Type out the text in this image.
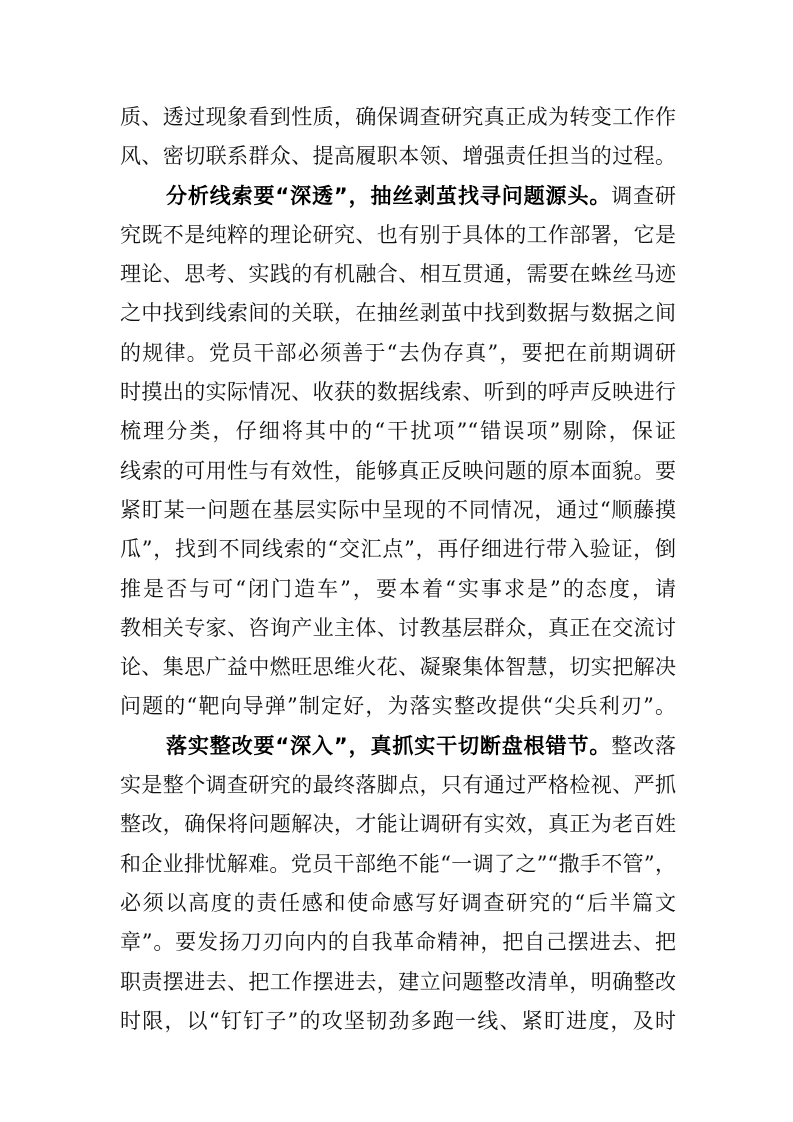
质、透过现象看到性质，确保调查研究真正成为转变工作作
风、密切联系群众、提高履职本领、增强责任担当的过程。
分析线索要“深透”，抽丝剥茧找寻问题源头。调查研
究既不是纯粹的理论研究、也有别于具体的工作部署，它是
理论、思考、实践的有机融合、相互贯通，需要在蛛丝马迹
之中找到线索间的关联，在抽丝剥茧中找到数据与数据之间
的规律。党员干部必须善于“去伪存真”，要把在前期调研
时摸出的实际情况、收获的数据线索、听到的呼声反映进行
梳理分类，仔细将其中的“干扰项”“错误项”剔除，保证
线索的可用性与有效性，能够真正反映问题的原本面貌。要
紧盯某一问题在基层实际中呈现的不同情况，通过“顺藤摸
瓜”，找到不同线索的“交汇点”，再仔细进行带入验证，倒
推是否与可“闭门造车”，要本着“实事求是”的态度，请
教相关专家、咨询产业主体、讨教基层群众，真正在交流讨
论、集思广益中燃旺思维火花、凝聚集体智慧，切实把解决
问题的“靶向导弹”制定好，为落实整改提供“尖兵利刃”。
落实整改要“深入”，真抓实干切断盘根错节。整改落
实是整个调查研究的最终落脚点，只有通过严格检视、严抓
整改，确保将问题解决，才能让调研有实效，真正为老百姓
和企业排忧解难。党员干部绝不能“一调了之”“撒手不管”，
必须以高度的责任感和使命感写好调查研究的“后半篇文
章”。要发扬刀刃向内的自我革命精神，把自己摆进去、把
职责摆进去、把工作摆进去，建立问题整改清单，明确整改
时限，以“钉钉子”的攻坚韧劲多跑一线、紧盯进度，及时
